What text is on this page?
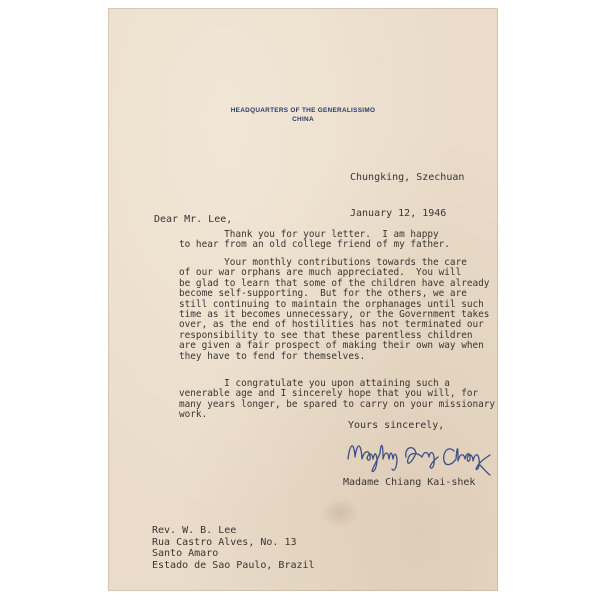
HEADQUARTERS OF THE GENERALISSIMO
CHINA

Chungking, Szechuan

January 12, 1946

Dear Mr. Lee,

Thank you for your letter.  I am happy
to hear from an old college friend of my father.

Your monthly contributions towards the care
of our war orphans are much appreciated.  You will
be glad to learn that some of the children have already
become self-supporting.  But for the others, we are
still continuing to maintain the orphanages until such
time as it becomes unnecessary, or the Government takes
over, as the end of hostilities has not terminated our
responsibility to see that these parentless children
are given a fair prospect of making their own way when
they have to fend for themselves.

I congratulate you upon attaining such a
venerable age and I sincerely hope that you will, for
many years longer, be spared to carry on your missionary
work.

Yours sincerely,
Madame Chiang Kai-shek
Rev. W. B. Lee
Rua Castro Alves, No. 13
Santo Amaro
Estado de Sao Paulo, Brazil
